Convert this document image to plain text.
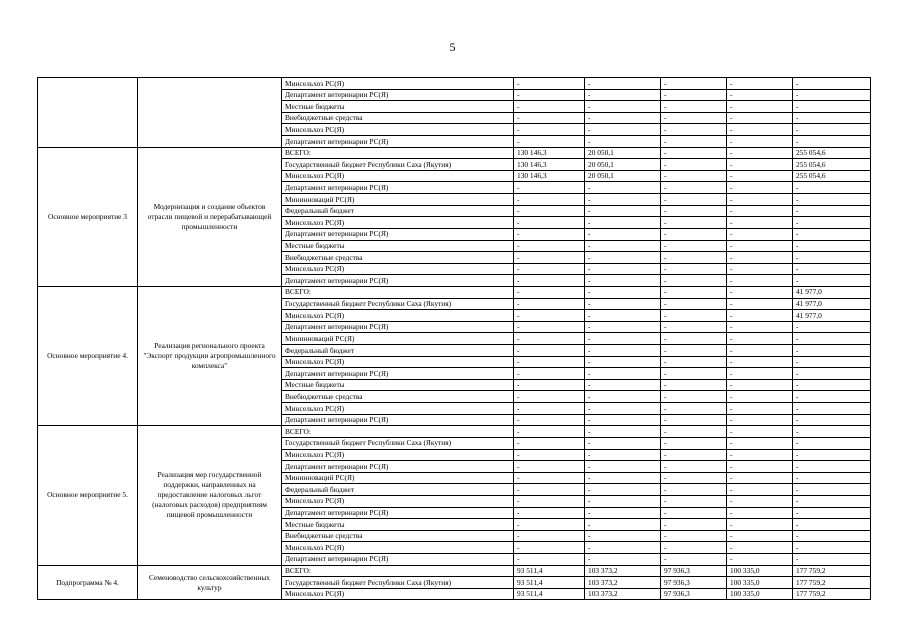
5
		Минсельхоз РС(Я)	-	-	-	-	-
		Департамент ветеринарии РС(Я)	-	-	-	-	-
		Местные бюджеты	-	-	-	-	-
		Внебюджетные средства	-	-	-	-	-
		Минсельхоз РС(Я)	-	-	-	-	-
		Департамент ветеринарии РС(Я)	-	-	-	-	-
Основное мероприятие 3	Модернизация и создание объектов отрасли пищевой и перерабатывающей промышленности	ВСЕГО:	130 146,3	20 050,1	-	-	255 054,6
		Государственный бюджет Республики Саха (Якутия)	130 146,3	20 050,1	-	-	255 054,6
		Минсельхоз РС(Я)	130 146,3	20 050,1	-	-	255 054,6
		Департамент ветеринарии РС(Я)	-	-	-	-	-
		Мининноваций РС(Я)	-	-	-	-	-
		Федеральный бюджет	-	-	-	-	-
		Минсельхоз РС(Я)	-	-	-	-	-
		Департамент ветеринарии РС(Я)	-	-	-	-	-
		Местные бюджеты	-	-	-	-	-
		Внебюджетные средства	-	-	-	-	-
		Минсельхоз РС(Я)	-	-	-	-	-
		Департамент ветеринарии РС(Я)	-	-	-	-	-
Основное мероприятие 4.	Реализация регионального проекта "Экспорт продукции агропромышленного комплекса"	ВСЕГО:	-	-	-	-	41 977,0
		Государственный бюджет Республики Саха (Якутия)	-	-	-	-	41 977,0
		Минсельхоз РС(Я)	-	-	-	-	41 977,0
		Департамент ветеринарии РС(Я)	-	-	-	-	-
		Мининноваций РС(Я)	-	-	-	-	-
		Федеральный бюджет	-	-	-	-	-
		Минсельхоз РС(Я)	-	-	-	-	-
		Департамент ветеринарии РС(Я)	-	-	-	-	-
		Местные бюджеты	-	-	-	-	-
		Внебюджетные средства	-	-	-	-	-
		Минсельхоз РС(Я)	-	-	-	-	-
		Департамент ветеринарии РС(Я)	-	-	-	-	-
Основное мероприятие 5.	Реализация мер государственной поддержки, направленных на предоставление налоговых льгот (налоговых расходов) предприятиям пищевой промышленности	ВСЕГО:	-	-	-	-	-
		Государственный бюджет Республики Саха (Якутия)	-	-	-	-	-
		Минсельхоз РС(Я)	-	-	-	-	-
		Департамент ветеринарии РС(Я)	-	-	-	-	-
		Мининноваций РС(Я)	-	-	-	-	-
		Федеральный бюджет	-	-	-	-	-
		Минсельхоз РС(Я)	-	-	-	-	-
		Департамент ветеринарии РС(Я)	-	-	-	-	-
		Местные бюджеты	-	-	-	-	-
		Внебюджетные средства	-	-	-	-	-
		Минсельхоз РС(Я)	-	-	-	-	-
		Департамент ветеринарии РС(Я)	-	-	-	-	-
Подпрограмма № 4.	Семеноводство сельскохозяйственных культур	ВСЕГО:	93 511,4	103 373,2	97 936,3	100 335,0	177 759,2
		Государственный бюджет Республики Саха (Якутия)	93 511,4	103 373,2	97 936,3	100 335,0	177 759,2
		Минсельхоз РС(Я)	93 511,4	103 373,2	97 936,3	100 335,0	177 759,2
